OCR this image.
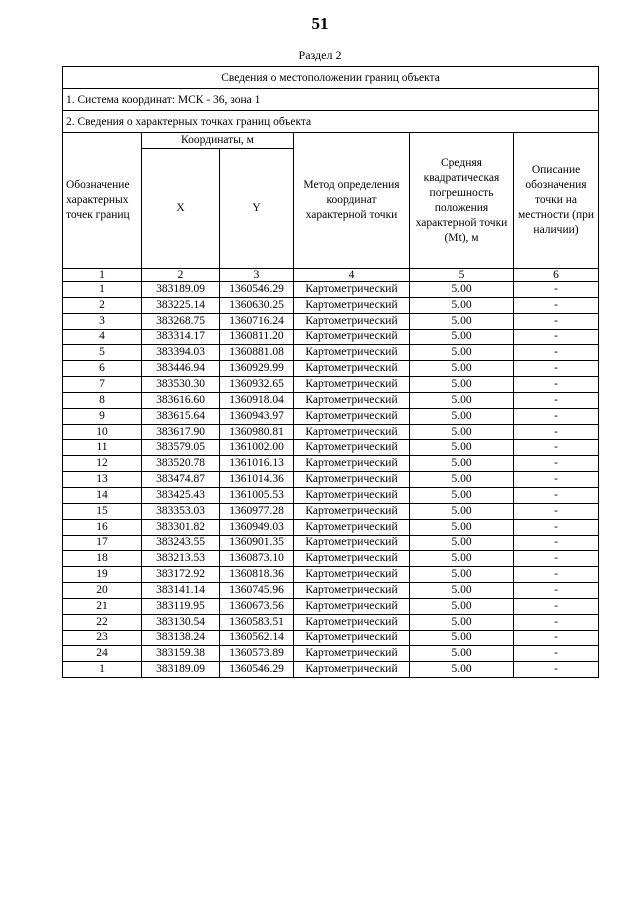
51
Раздел 2
Сведения о местоположении границ объекта					
1. Система координат: МСК - 36, зона 1					
2. Сведения о характерных точках границ объекта					
Обозначение характерных точек границ	Координаты, м		Метод определения координат характерной точки	Средняя квадратическая погрешность положения характерной точки (Mt), м	Описание обозначения точки на местности (при наличии)
	X	Y			
1	2	3	4	5	6
1	383189.09	1360546.29	Картометрический	5.00	-
2	383225.14	1360630.25	Картометрический	5.00	-
3	383268.75	1360716.24	Картометрический	5.00	-
4	383314.17	1360811.20	Картометрический	5.00	-
5	383394.03	1360881.08	Картометрический	5.00	-
6	383446.94	1360929.99	Картометрический	5.00	-
7	383530.30	1360932.65	Картометрический	5.00	-
8	383616.60	1360918.04	Картометрический	5.00	-
9	383615.64	1360943.97	Картометрический	5.00	-
10	383617.90	1360980.81	Картометрический	5.00	-
11	383579.05	1361002.00	Картометрический	5.00	-
12	383520.78	1361016.13	Картометрический	5.00	-
13	383474.87	1361014.36	Картометрический	5.00	-
14	383425.43	1361005.53	Картометрический	5.00	-
15	383353.03	1360977.28	Картометрический	5.00	-
16	383301.82	1360949.03	Картометрический	5.00	-
17	383243.55	1360901.35	Картометрический	5.00	-
18	383213.53	1360873.10	Картометрический	5.00	-
19	383172.92	1360818.36	Картометрический	5.00	-
20	383141.14	1360745.96	Картометрический	5.00	-
21	383119.95	1360673.56	Картометрический	5.00	-
22	383130.54	1360583.51	Картометрический	5.00	-
23	383138.24	1360562.14	Картометрический	5.00	-
24	383159.38	1360573.89	Картометрический	5.00	-
1	383189.09	1360546.29	Картометрический	5.00	-
